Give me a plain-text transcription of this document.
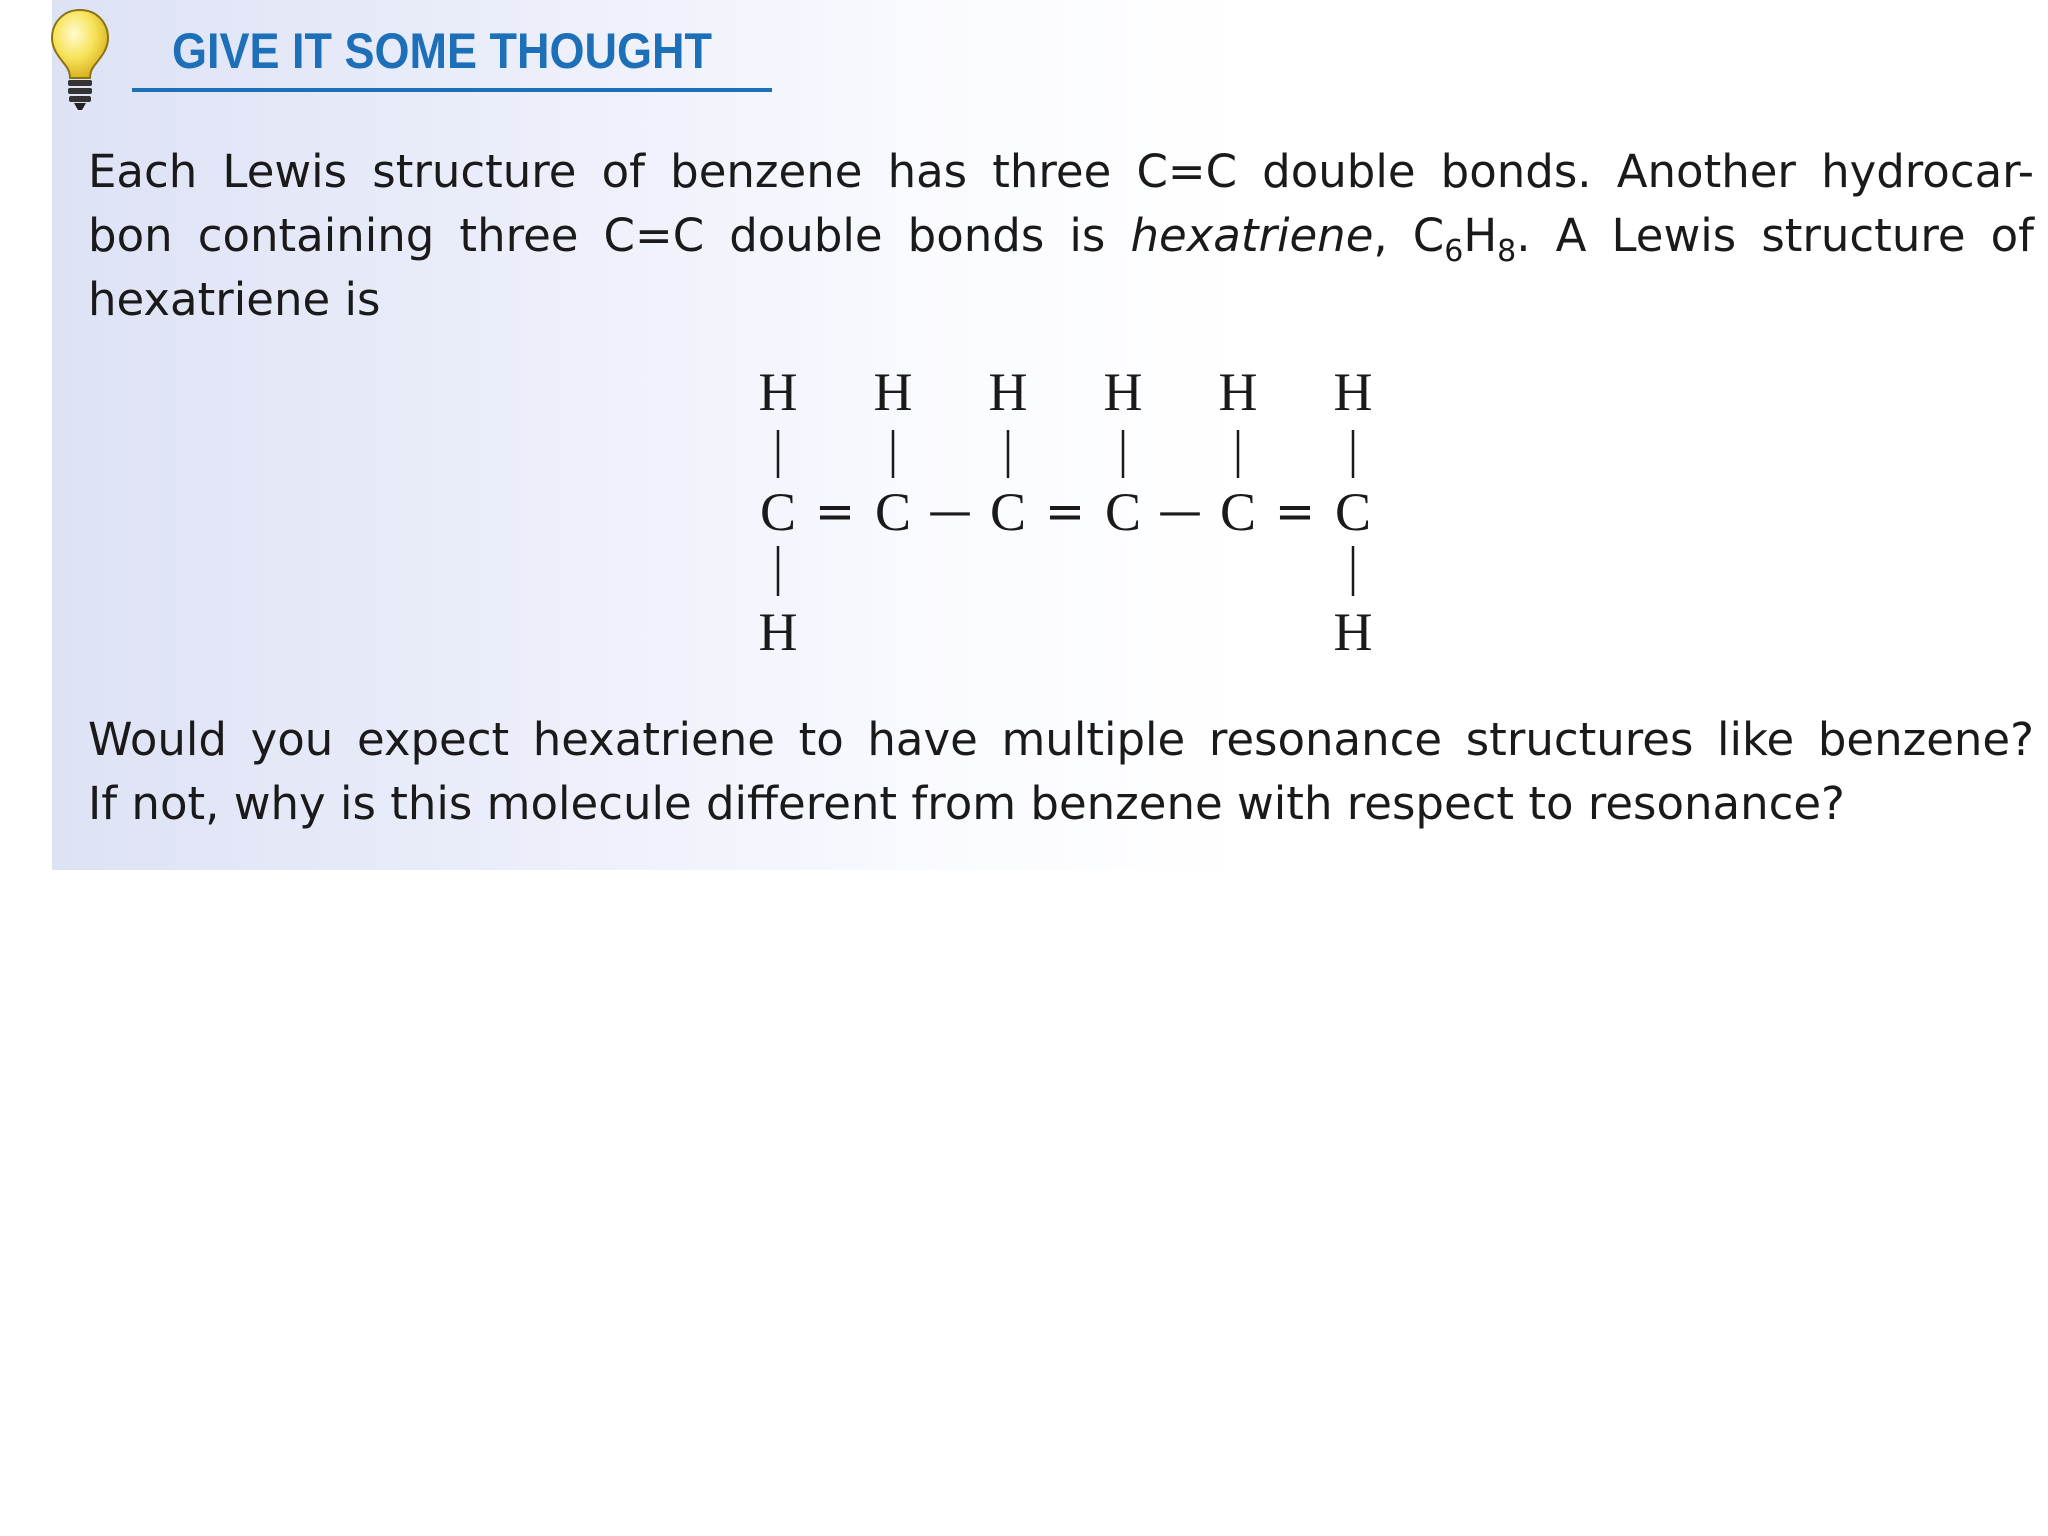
GIVE IT SOME THOUGHT

Each Lewis structure of benzene has three C=C double bonds. Another hydrocar-
bon containing three C=C double bonds is hexatriene, $C_6H_8$. A Lewis structure of
hexatriene is

H H H H H H
C C C C C C
= — = — =
H	H

Would you expect hexatriene to have multiple resonance structures like benzene?
If not, why is this molecule different from benzene with respect to resonance?
